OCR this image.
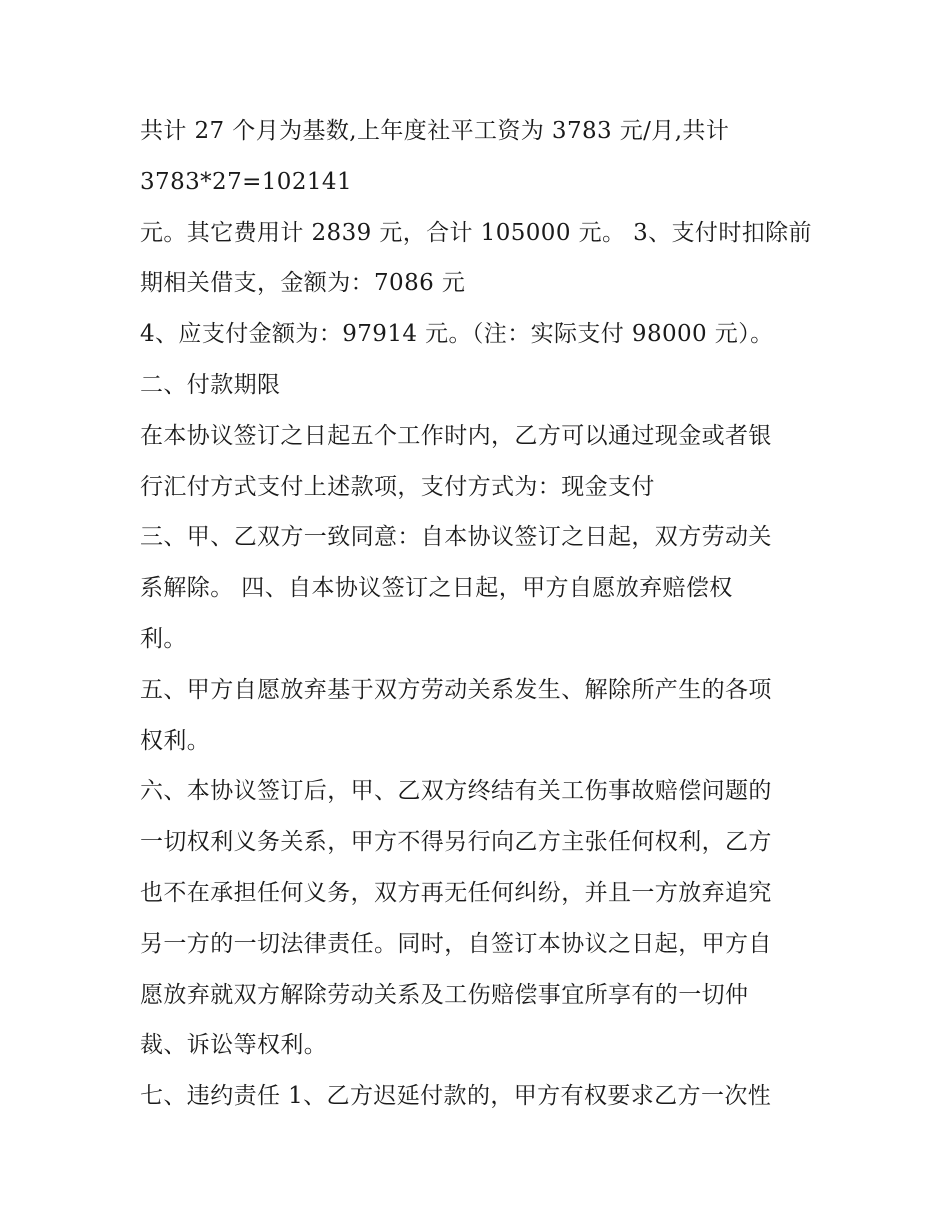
共计 27 个月为基数,上年度社平工资为 3783 元/月,共计
3783*27=102141
元。其它费用计 2839 元，合计 105000 元。 3、支付时扣除前
期相关借支，金额为：7086 元
4、应支付金额为：97914 元。（注：实际支付 98000 元）。
二、付款期限
在本协议签订之日起五个工作时内，乙方可以通过现金或者银
行汇付方式支付上述款项，支付方式为：现金支付
三、甲、乙双方一致同意：自本协议签订之日起，双方劳动关
系解除。 四、自本协议签订之日起，甲方自愿放弃赔偿权
利。
五、甲方自愿放弃基于双方劳动关系发生、解除所产生的各项
权利。
六、本协议签订后，甲、乙双方终结有关工伤事故赔偿问题的
一切权利义务关系，甲方不得另行向乙方主张任何权利，乙方
也不在承担任何义务，双方再无任何纠纷，并且一方放弃追究
另一方的一切法律责任。同时，自签订本协议之日起，甲方自
愿放弃就双方解除劳动关系及工伤赔偿事宜所享有的一切仲
裁、诉讼等权利。
七、违约责任 1、乙方迟延付款的，甲方有权要求乙方一次性
